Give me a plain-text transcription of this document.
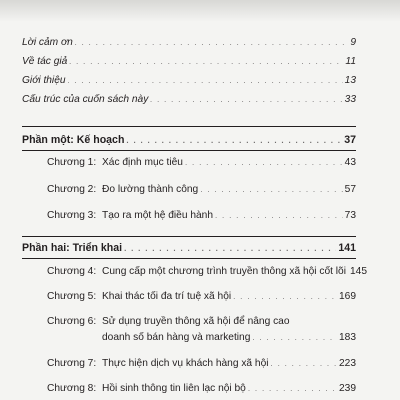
Lời cảm ơn . . .	9
Về tác giả . . .	11
Giới thiệu . . .	13
Cấu trúc của cuốn sách này . . .	33
Phần một: Kế hoạch . . .	37
Chương 1: Xác định mục tiêu . . .	43
Chương 2: Đo lường thành công . . .	57
Chương 3: Tạo ra một hệ điều hành . . .	73
Phần hai: Triển khai . . .	141
Chương 4: Cung cấp một chương trình truyền thông xã hội cốt lõi 145
Chương 5: Khai thác tối đa trí tuệ xã hội . . .	169
Chương 6: Sử dụng truyền thông xã hội để nâng cao
doanh số bán hàng và marketing . . .	183
Chương 7: Thực hiện dịch vụ khách hàng xã hội . . .	223
Chương 8: Hồi sinh thông tin liên lạc nội bộ . . .	239
